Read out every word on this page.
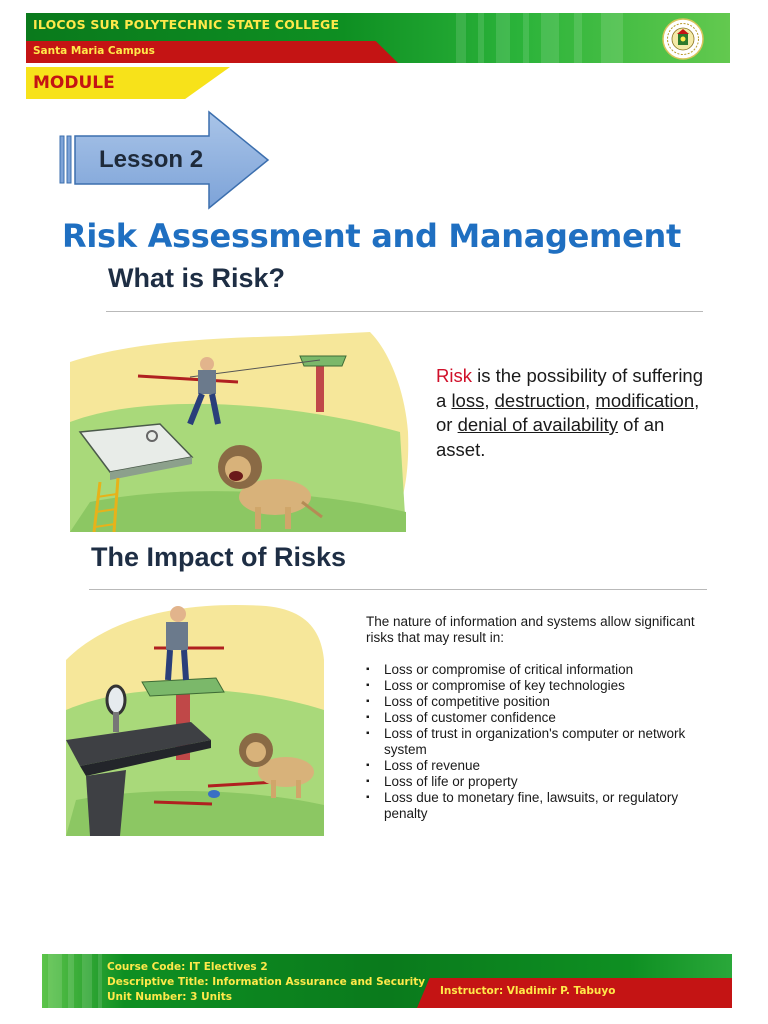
ILOCOS SUR POLYTECHNIC STATE COLLEGE
Santa Maria Campus
MODULE
Lesson 2
Risk Assessment and Management
What is Risk?
Risk is the possibility of suffering a loss, destruction, modification, or denial of availability of an asset.
The Impact of Risks
The nature of information and systems allow significant risks that may result in:
▪ Loss or compromise of critical information
▪ Loss or compromise of key technologies
▪ Loss of competitive position
▪ Loss of customer confidence
▪ Loss of trust in organization's computer or network system
▪ Loss of revenue
▪ Loss of life or property
▪ Loss due to monetary fine, lawsuits, or regulatory penalty
Course Code: IT Electives 2
Descriptive Title: Information Assurance and Security
Unit Number: 3 Units	Instructor: Vladimir P. Tabuyo
